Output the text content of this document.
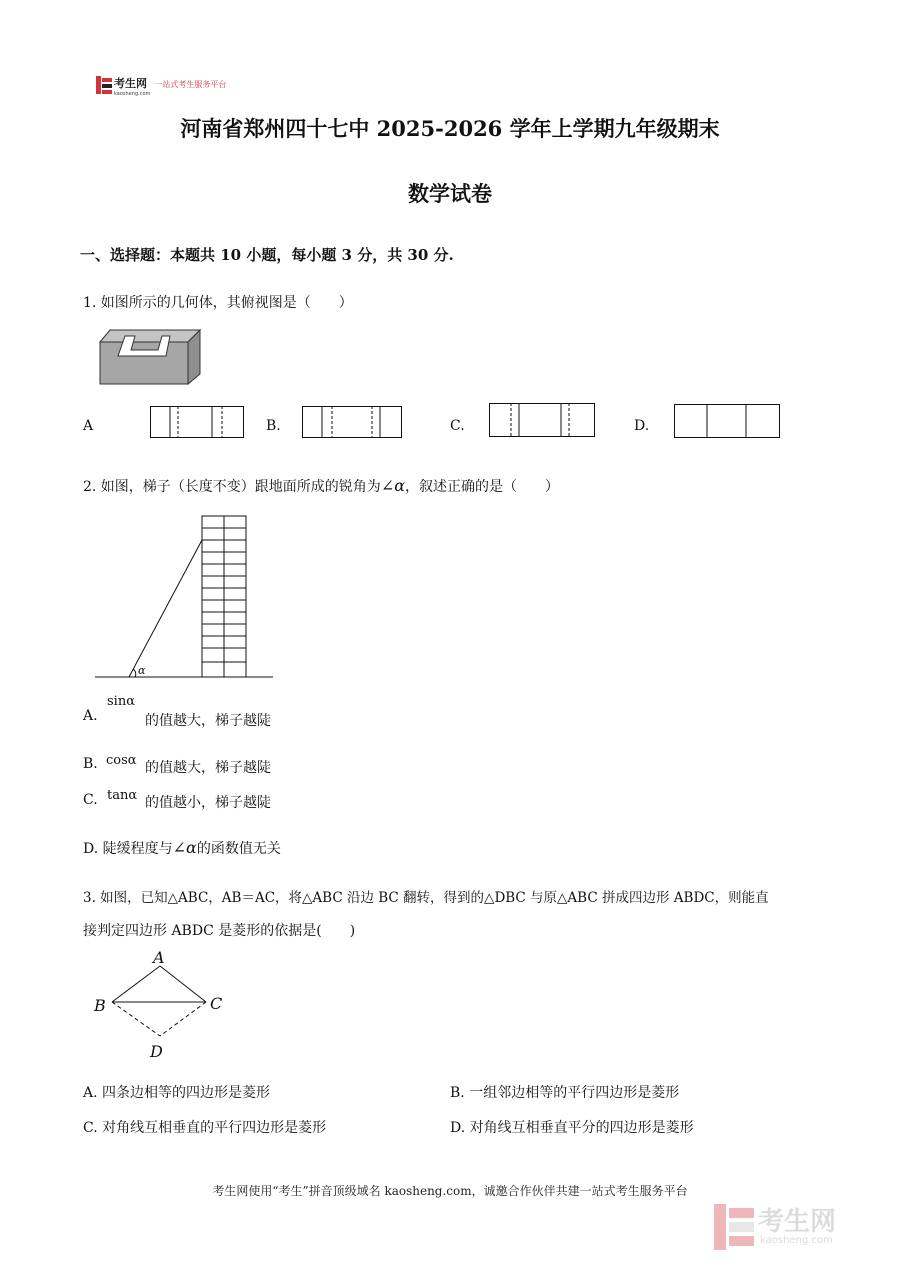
考生网
kaosheng.com
一站式考生服务平台
河南省郑州四十七中 2025-2026 学年上学期九年级期末
数学试卷
一、选择题：本题共 10 小题，每小题 3 分，共 30 分.
1. 如图所示的几何体，其俯视图是（　　）
A	B.	C.	D.
2. 如图，梯子（长度不变）跟地面所成的锐角为∠α，叙述正确的是（　　）
α
A.
sinα
的值越大，梯子越陡
B. cosα 的值越大，梯子越陡
C. tanα 的值越小，梯子越陡
D. 陡缓程度与∠α的函数值无关
3. 如图，已知△ABC，AB＝AC，将△ABC 沿边 BC 翻转，得到的△DBC 与原△ABC 拼成四边形 ABDC，则能直
接判定四边形 ABDC 是菱形的依据是(　　)
A
B	C
D
A. 四条边相等的四边形是菱形	B. 一组邻边相等的平行四边形是菱形
C. 对角线互相垂直的平行四边形是菱形	D. 对角线互相垂直平分的四边形是菱形
考生网使用“考生”拼音顶级域名 kaosheng.com，诚邀合作伙伴共建一站式考生服务平台
考生网
kaosheng.com
